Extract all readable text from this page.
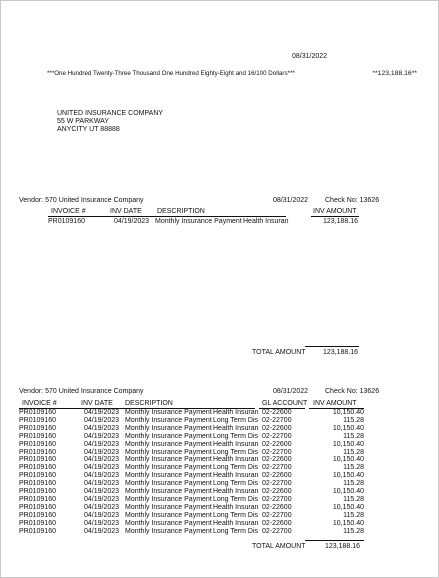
08/31/2022
***One Hundred Twenty-Three Thousand One Hundred Eighty-Eight and 16/100 Dollars***	**123,188.16**
UNITED INSURANCE COMPANY
55 W PARKWAY
ANYCITY UT 88888
Vendor: 570 United Insurance Company	08/31/2022 Check No: 13626
INVOICE #	INV DATE DESCRIPTION	INV AMOUNT
PR0109160	04/19/2023 Monthly Insurance Payment Health Insuran	123,188.16
TOTAL AMOUNT 123,188.16
Vendor: 570 United Insurance Company	08/31/2022 Check No: 13626
INVOICE #	INV DATE DESCRIPTION	GL ACCOUNT INV AMOUNT
PR0109160	04/19/2023 Monthly Insurance Payment Health Insuran 02-22600	10,150.40
PR0109160	04/19/2023 Monthly Insurance Payment Long Term Dis 02-22700	115.28
PR0109160	04/19/2023 Monthly Insurance Payment Health Insuran 02-22600	10,150.40
PR0109160	04/19/2023 Monthly Insurance Payment Long Term Dis 02-22700	115.28
PR0109160	04/19/2023 Monthly Insurance Payment Health Insuran 02-22600	10,150.40
PR0109160	04/19/2023 Monthly Insurance Payment Long Term Dis 02-22700	115.28
PR0109160	04/19/2023 Monthly Insurance Payment Health Insuran 02-22600	10,150.40
PR0109160	04/19/2023 Monthly Insurance Payment Long Term Dis 02-22700	115.28
PR0109160	04/19/2023 Monthly Insurance Payment Health Insuran 02-22600	10,150.40
PR0109160	04/19/2023 Monthly Insurance Payment Long Term Dis 02-22700	115.28
PR0109160	04/19/2023 Monthly Insurance Payment Health Insuran 02-22600	10,150.40
PR0109160	04/19/2023 Monthly Insurance Payment Long Term Dis 02-22700	115.28
PR0109160	04/19/2023 Monthly Insurance Payment Health Insuran 02-22600	10,150.40
PR0109160	04/19/2023 Monthly Insurance Payment Long Term Dis 02-22700	115.28
PR0109160	04/19/2023 Monthly Insurance Payment Health Insuran 02-22600	10,150.40
PR0109160	04/19/2023 Monthly Insurance Payment Long Term Dis 02-22700	115.28
TOTAL AMOUNT	123,188.16
